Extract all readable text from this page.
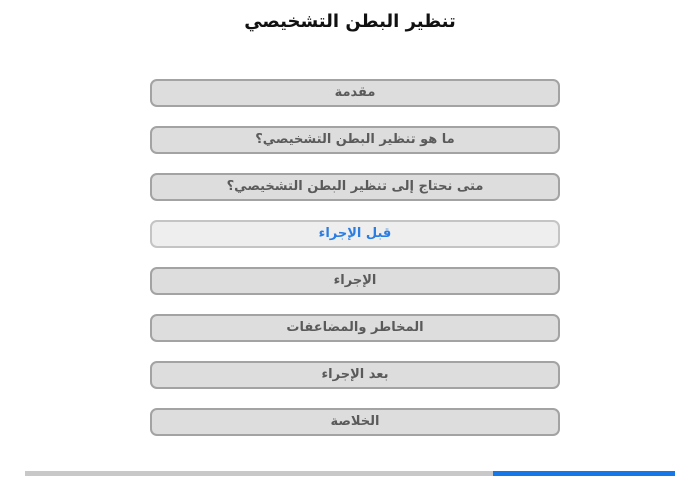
تنظير البطن التشخيصي
مقدمة
ما هو تنظير البطن التشخيصي؟
متى نحتاج إلى تنظير البطن التشخيصي؟
قبل الإجراء
الإجراء
المخاطر والمضاعفات
بعد الإجراء
الخلاصة
